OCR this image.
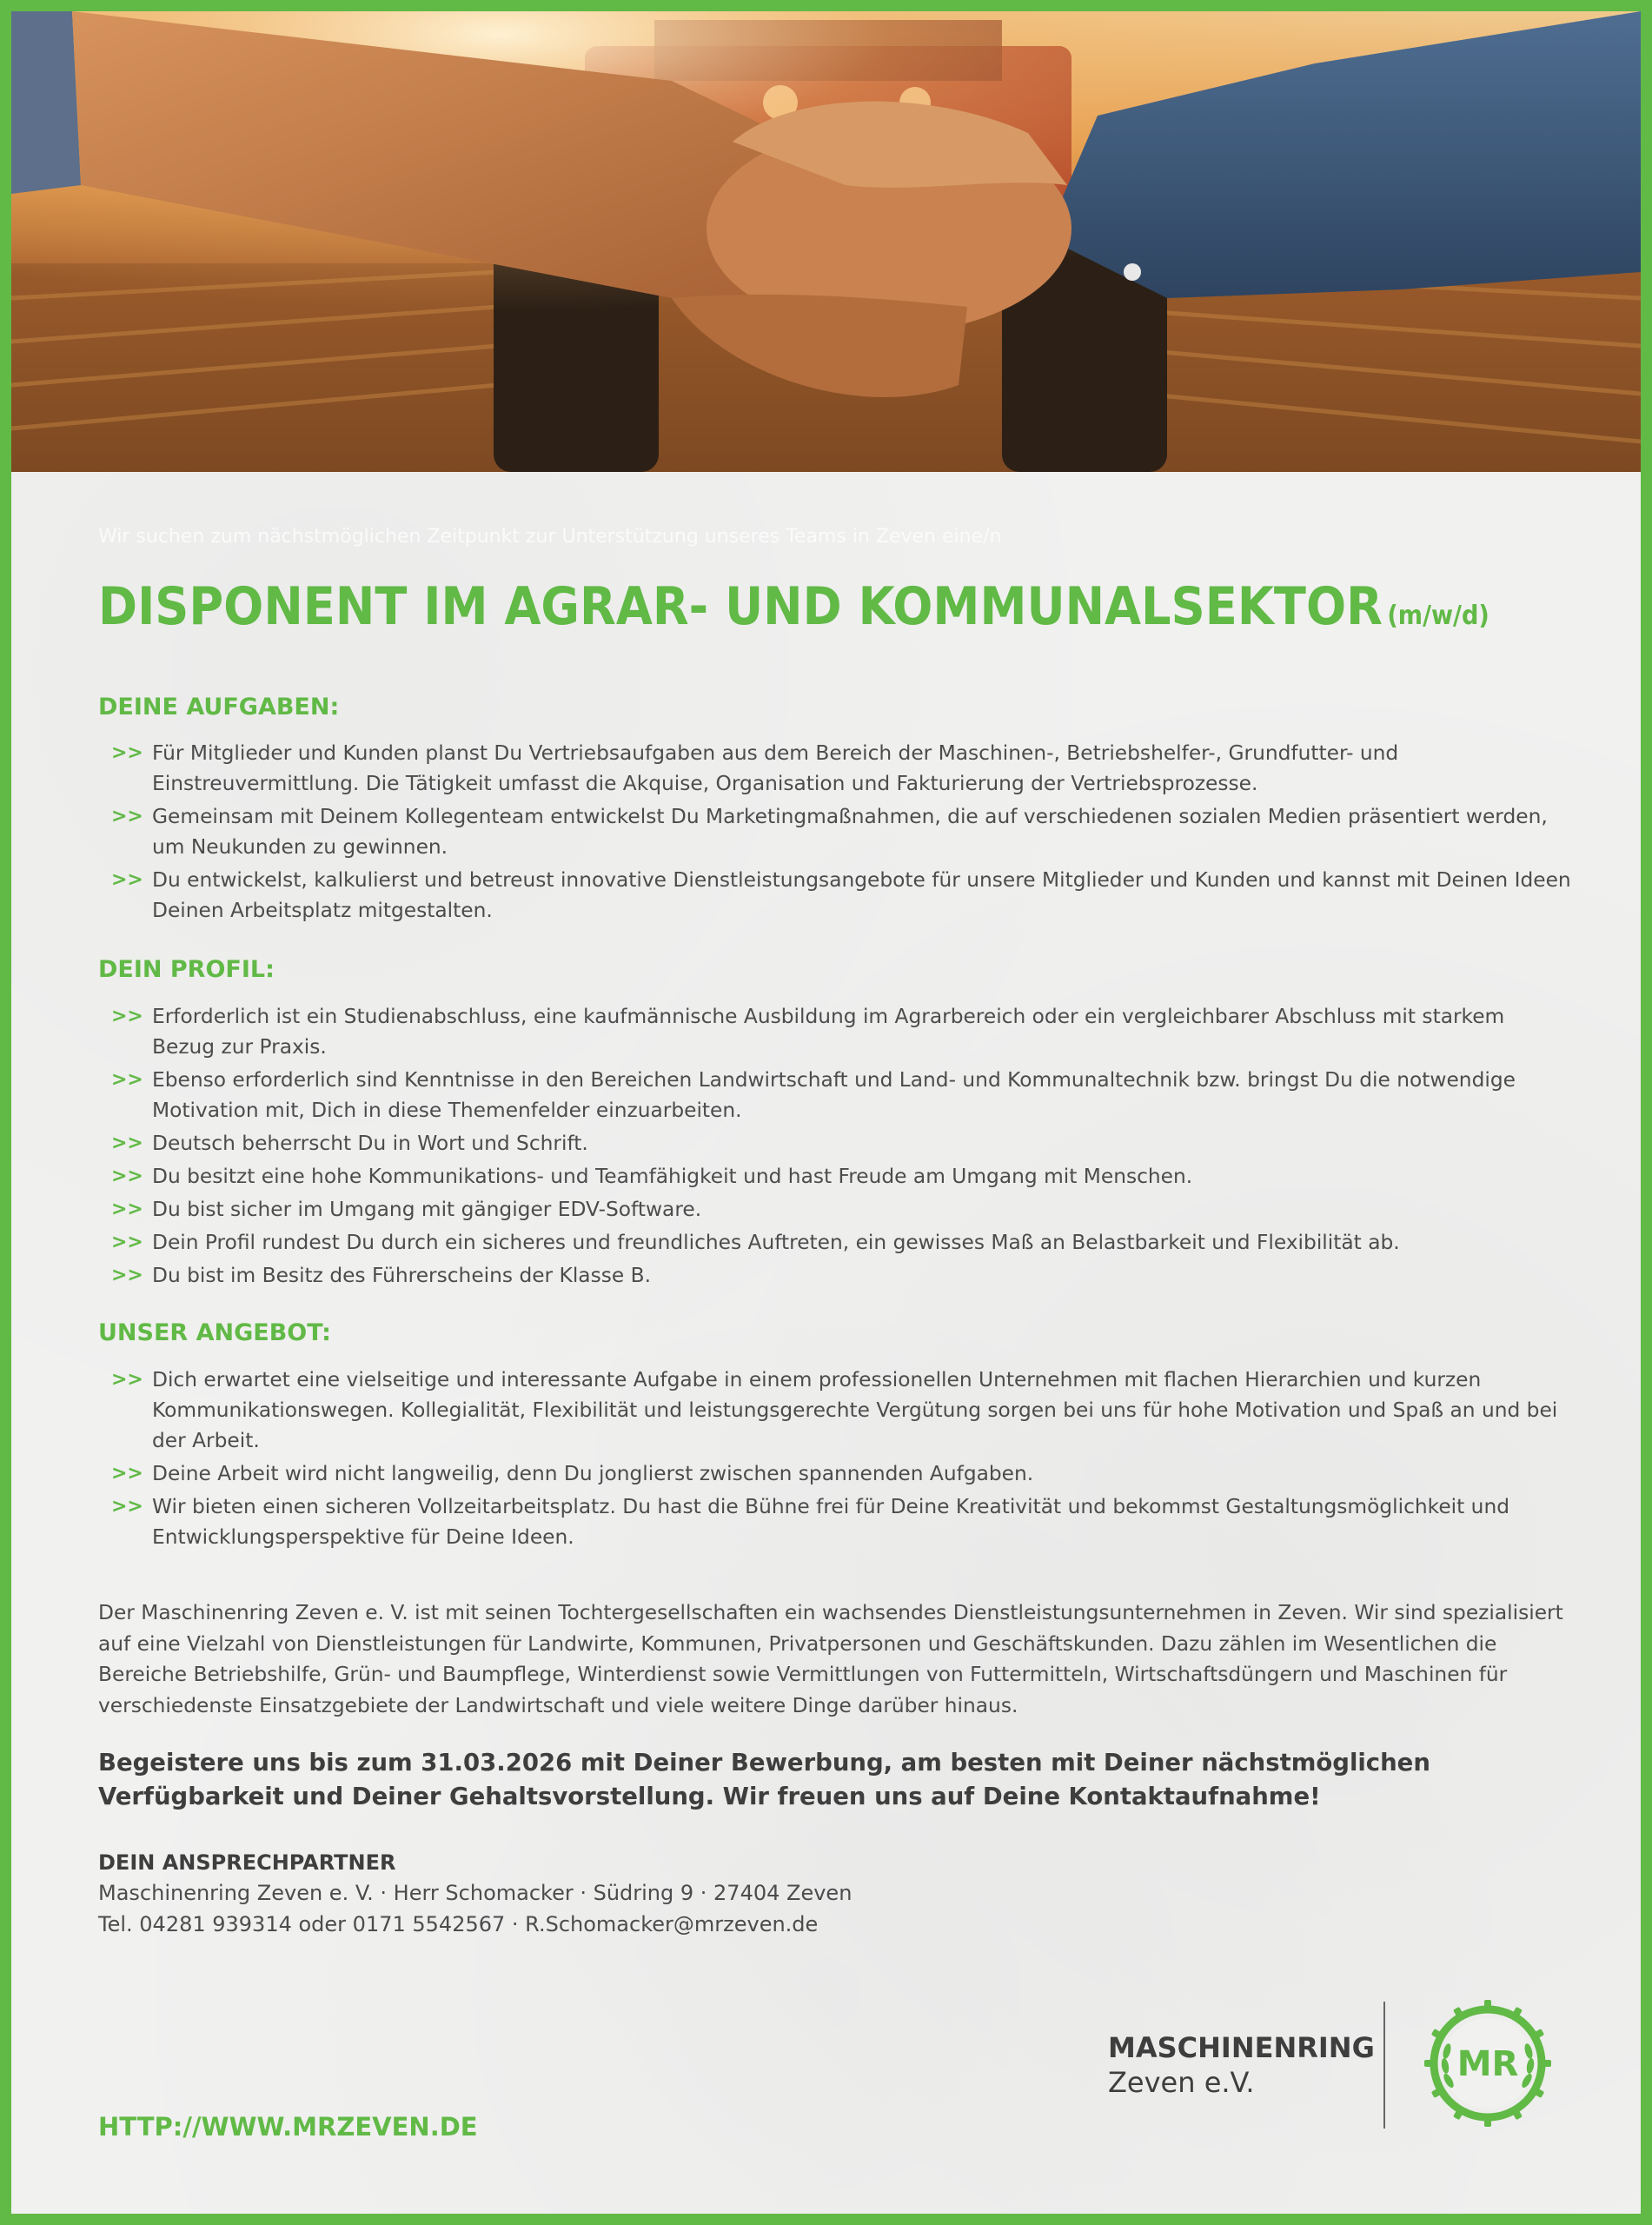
Wir suchen zum nächstmöglichen Zeitpunkt zur Unterstützung unseres Teams in Zeven eine/n
DISPONENT IM AGRAR- UND KOMMUNALSEKTOR (m/w/d)
DEINE AUFGABEN:
>> Für Mitglieder und Kunden planst Du Vertriebsaufgaben aus dem Bereich der Maschinen-, Betriebshelfer-, Grundfutter- und Einstreuvermittlung. Die Tätigkeit umfasst die Akquise, Organisation und Fakturierung der Vertriebsprozesse.
>> Gemeinsam mit Deinem Kollegenteam entwickelst Du Marketingmaßnahmen, die auf verschiedenen sozialen Medien präsentiert werden, um Neukunden zu gewinnen.
>> Du entwickelst, kalkulierst und betreust innovative Dienstleistungsangebote für unsere Mitglieder und Kunden und kannst mit Deinen Ideen Deinen Arbeitsplatz mitgestalten.
DEIN PROFIL:
>> Erforderlich ist ein Studienabschluss, eine kaufmännische Ausbildung im Agrarbereich oder ein vergleichbarer Abschluss mit starkem Bezug zur Praxis.
>> Ebenso erforderlich sind Kenntnisse in den Bereichen Landwirtschaft und Land- und Kommunaltechnik bzw. bringst Du die notwendige Motivation mit, Dich in diese Themenfelder einzuarbeiten.
>> Deutsch beherrscht Du in Wort und Schrift.
>> Du besitzt eine hohe Kommunikations- und Teamfähigkeit und hast Freude am Umgang mit Menschen.
>> Du bist sicher im Umgang mit gängiger EDV-Software.
>> Dein Profil rundest Du durch ein sicheres und freundliches Auftreten, ein gewisses Maß an Belastbarkeit und Flexibilität ab.
>> Du bist im Besitz des Führerscheins der Klasse B.
UNSER ANGEBOT:
>> Dich erwartet eine vielseitige und interessante Aufgabe in einem professionellen Unternehmen mit flachen Hierarchien und kurzen Kommunikationswegen. Kollegialität, Flexibilität und leistungsgerechte Vergütung sorgen bei uns für hohe Motivation und Spaß an und bei der Arbeit.
>> Deine Arbeit wird nicht langweilig, denn Du jonglierst zwischen spannenden Aufgaben.
>> Wir bieten einen sicheren Vollzeitarbeitsplatz. Du hast die Bühne frei für Deine Kreativität und bekommst Gestaltungsmöglichkeit und Entwicklungsperspektive für Deine Ideen.

Der Maschinenring Zeven e. V. ist mit seinen Tochtergesellschaften ein wachsendes Dienstleistungsunternehmen in Zeven. Wir sind spezialisiert auf eine Vielzahl von Dienstleistungen für Landwirte, Kommunen, Privatpersonen und Geschäftskunden. Dazu zählen im Wesentlichen die Bereiche Betriebshilfe, Grün- und Baumpflege, Winterdienst sowie Vermittlungen von Futtermitteln, Wirtschaftsdüngern und Maschinen für verschiedenste Einsatzgebiete der Landwirtschaft und viele weitere Dinge darüber hinaus.

Begeistere uns bis zum 31.03.2026 mit Deiner Bewerbung, am besten mit Deiner nächstmöglichen Verfügbarkeit und Deiner Gehaltsvorstellung. Wir freuen uns auf Deine Kontaktaufnahme!

DEIN ANSPRECHPARTNER

Maschinenring Zeven e. V. · Herr Schomacker · Südring 9 · 27404 Zeven

Tel. 04281 939314 oder 0171 5542567 · R.Schomacker@mrzeven.de

HTTP://WWW.MRZEVEN.DE

MASCHINENRING

Zeven e.V.	MR
